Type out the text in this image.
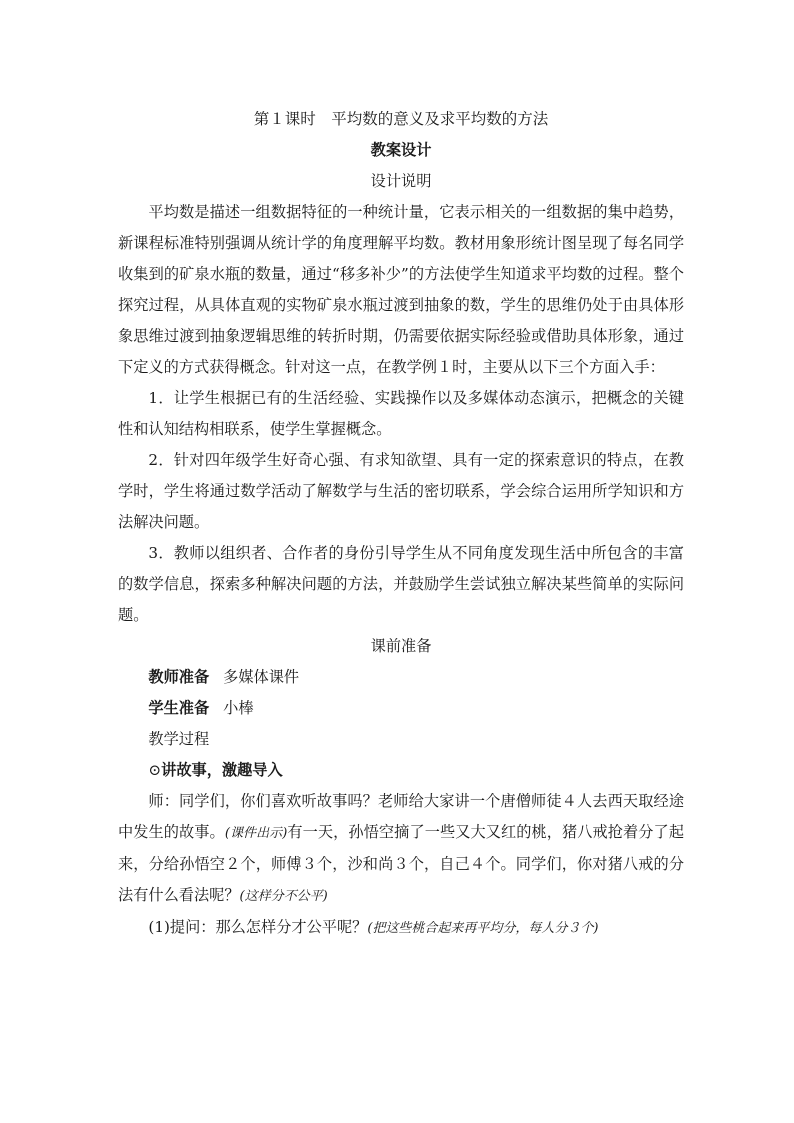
第１课时　平均数的意义及求平均数的方法

教案设计

设计说明

平均数是描述一组数据特征的一种统计量，它表示相关的一组数据的集中趋势，新课程标准特别强调从统计学的角度理解平均数。教材用象形统计图呈现了每名同学收集到的矿泉水瓶的数量，通过“移多补少”的方法使学生知道求平均数的过程。整个探究过程，从具体直观的实物矿泉水瓶过渡到抽象的数，学生的思维仍处于由具体形象思维过渡到抽象逻辑思维的转折时期，仍需要依据实际经验或借助具体形象，通过下定义的方式获得概念。针对这一点，在教学例１时，主要从以下三个方面入手：

1．让学生根据已有的生活经验、实践操作以及多媒体动态演示，把概念的关键性和认知结构相联系，使学生掌握概念。

2．针对四年级学生好奇心强、有求知欲望、具有一定的探索意识的特点，在教学时，学生将通过数学活动了解数学与生活的密切联系，学会综合运用所学知识和方法解决问题。

3．教师以组织者、合作者的身份引导学生从不同角度发现生活中所包含的丰富的数学信息，探索多种解决问题的方法，并鼓励学生尝试独立解决某些简单的实际问题。

课前准备

教师准备 多媒体课件

学生准备 小棒

教学过程

⊙讲故事，激趣导入

师：同学们，你们喜欢听故事吗？老师给大家讲一个唐僧师徒４人去西天取经途中发生的故事。(课件出示)有一天，孙悟空摘了一些又大又红的桃，猪八戒抢着分了起来，分给孙悟空２个，师傅３个，沙和尚３个，自己４个。同学们，你对猪八戒的分法有什么看法呢？(这样分不公平)

(1)提问：那么怎样分才公平呢？(把这些桃合起来再平均分，每人分３个)
